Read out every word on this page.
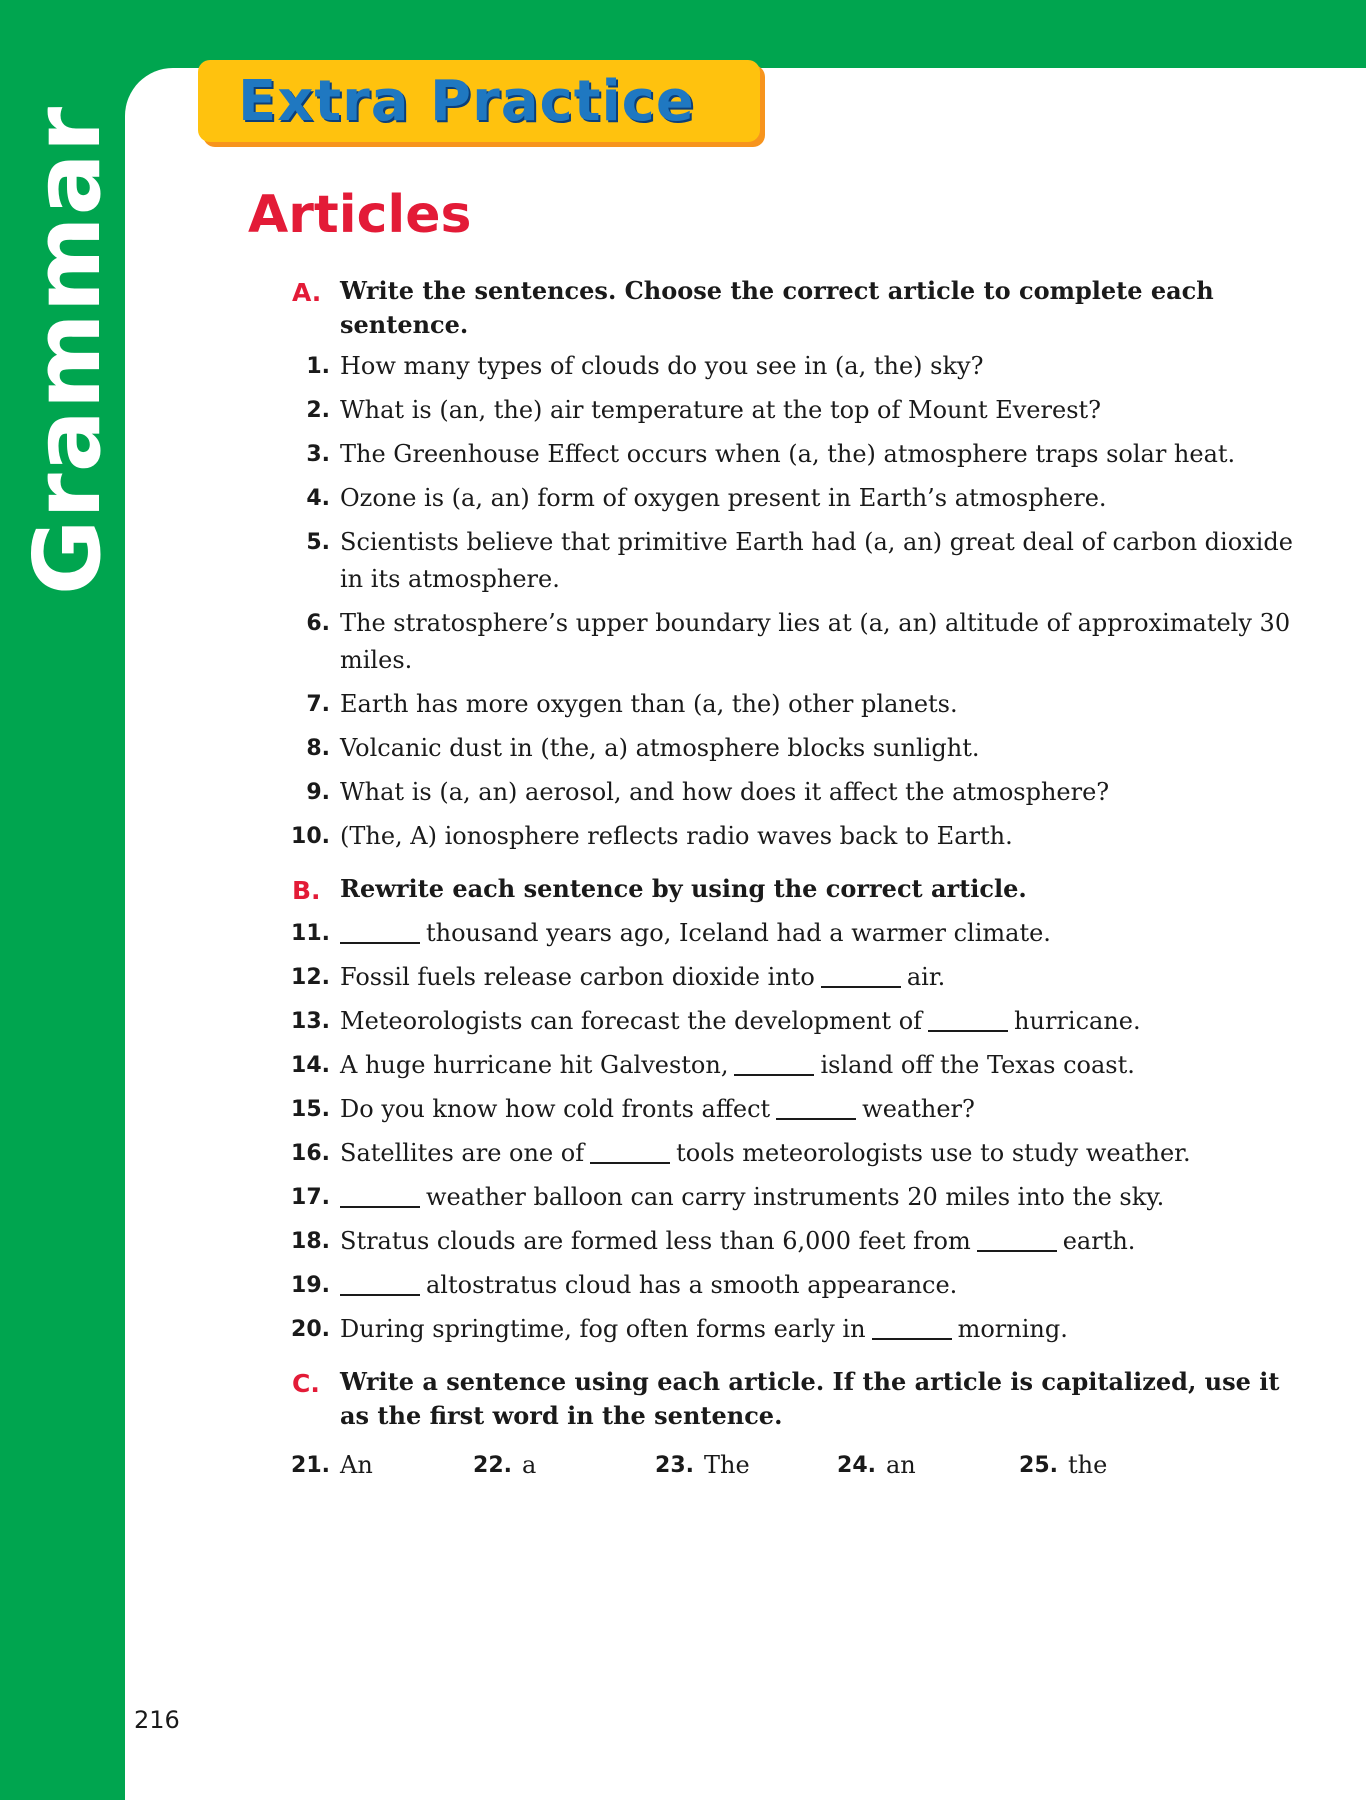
Grammar
Extra Practice
Articles
A. Write the sentences. Choose the correct article to complete each sentence.
1. How many types of clouds do you see in (a, the) sky?
2. What is (an, the) air temperature at the top of Mount Everest?
3. The Greenhouse Effect occurs when (a, the) atmosphere traps solar heat.
4. Ozone is (a, an) form of oxygen present in Earth’s atmosphere.
5. Scientists believe that primitive Earth had (a, an) great deal of carbon dioxide in its atmosphere.
6. The stratosphere’s upper boundary lies at (a, an) altitude of approximately 30 miles.
7. Earth has more oxygen than (a, the) other planets.
8. Volcanic dust in (the, a) atmosphere blocks sunlight.
9. What is (a, an) aerosol, and how does it affect the atmosphere?
10. (The, A) ionosphere reflects radio waves back to Earth.
B. Rewrite each sentence by using the correct article.
11.	thousand years ago, Iceland had a warmer climate.
12. Fossil fuels release carbon dioxide into	air.
13. Meteorologists can forecast the development of	hurricane.
14. A huge hurricane hit Galveston,	island off the Texas coast.
15. Do you know how cold fronts affect	weather?
16. Satellites are one of	tools meteorologists use to study weather.
17.	weather balloon can carry instruments 20 miles into the sky.
18. Stratus clouds are formed less than 6,000 feet from	earth.
19.	altostratus cloud has a smooth appearance.
20. During springtime, fog often forms early in	morning.
C. Write a sentence using each article. If the article is capitalized, use it as the first word in the sentence.
21. An	22. a	23. The	24. an	25. the
216
